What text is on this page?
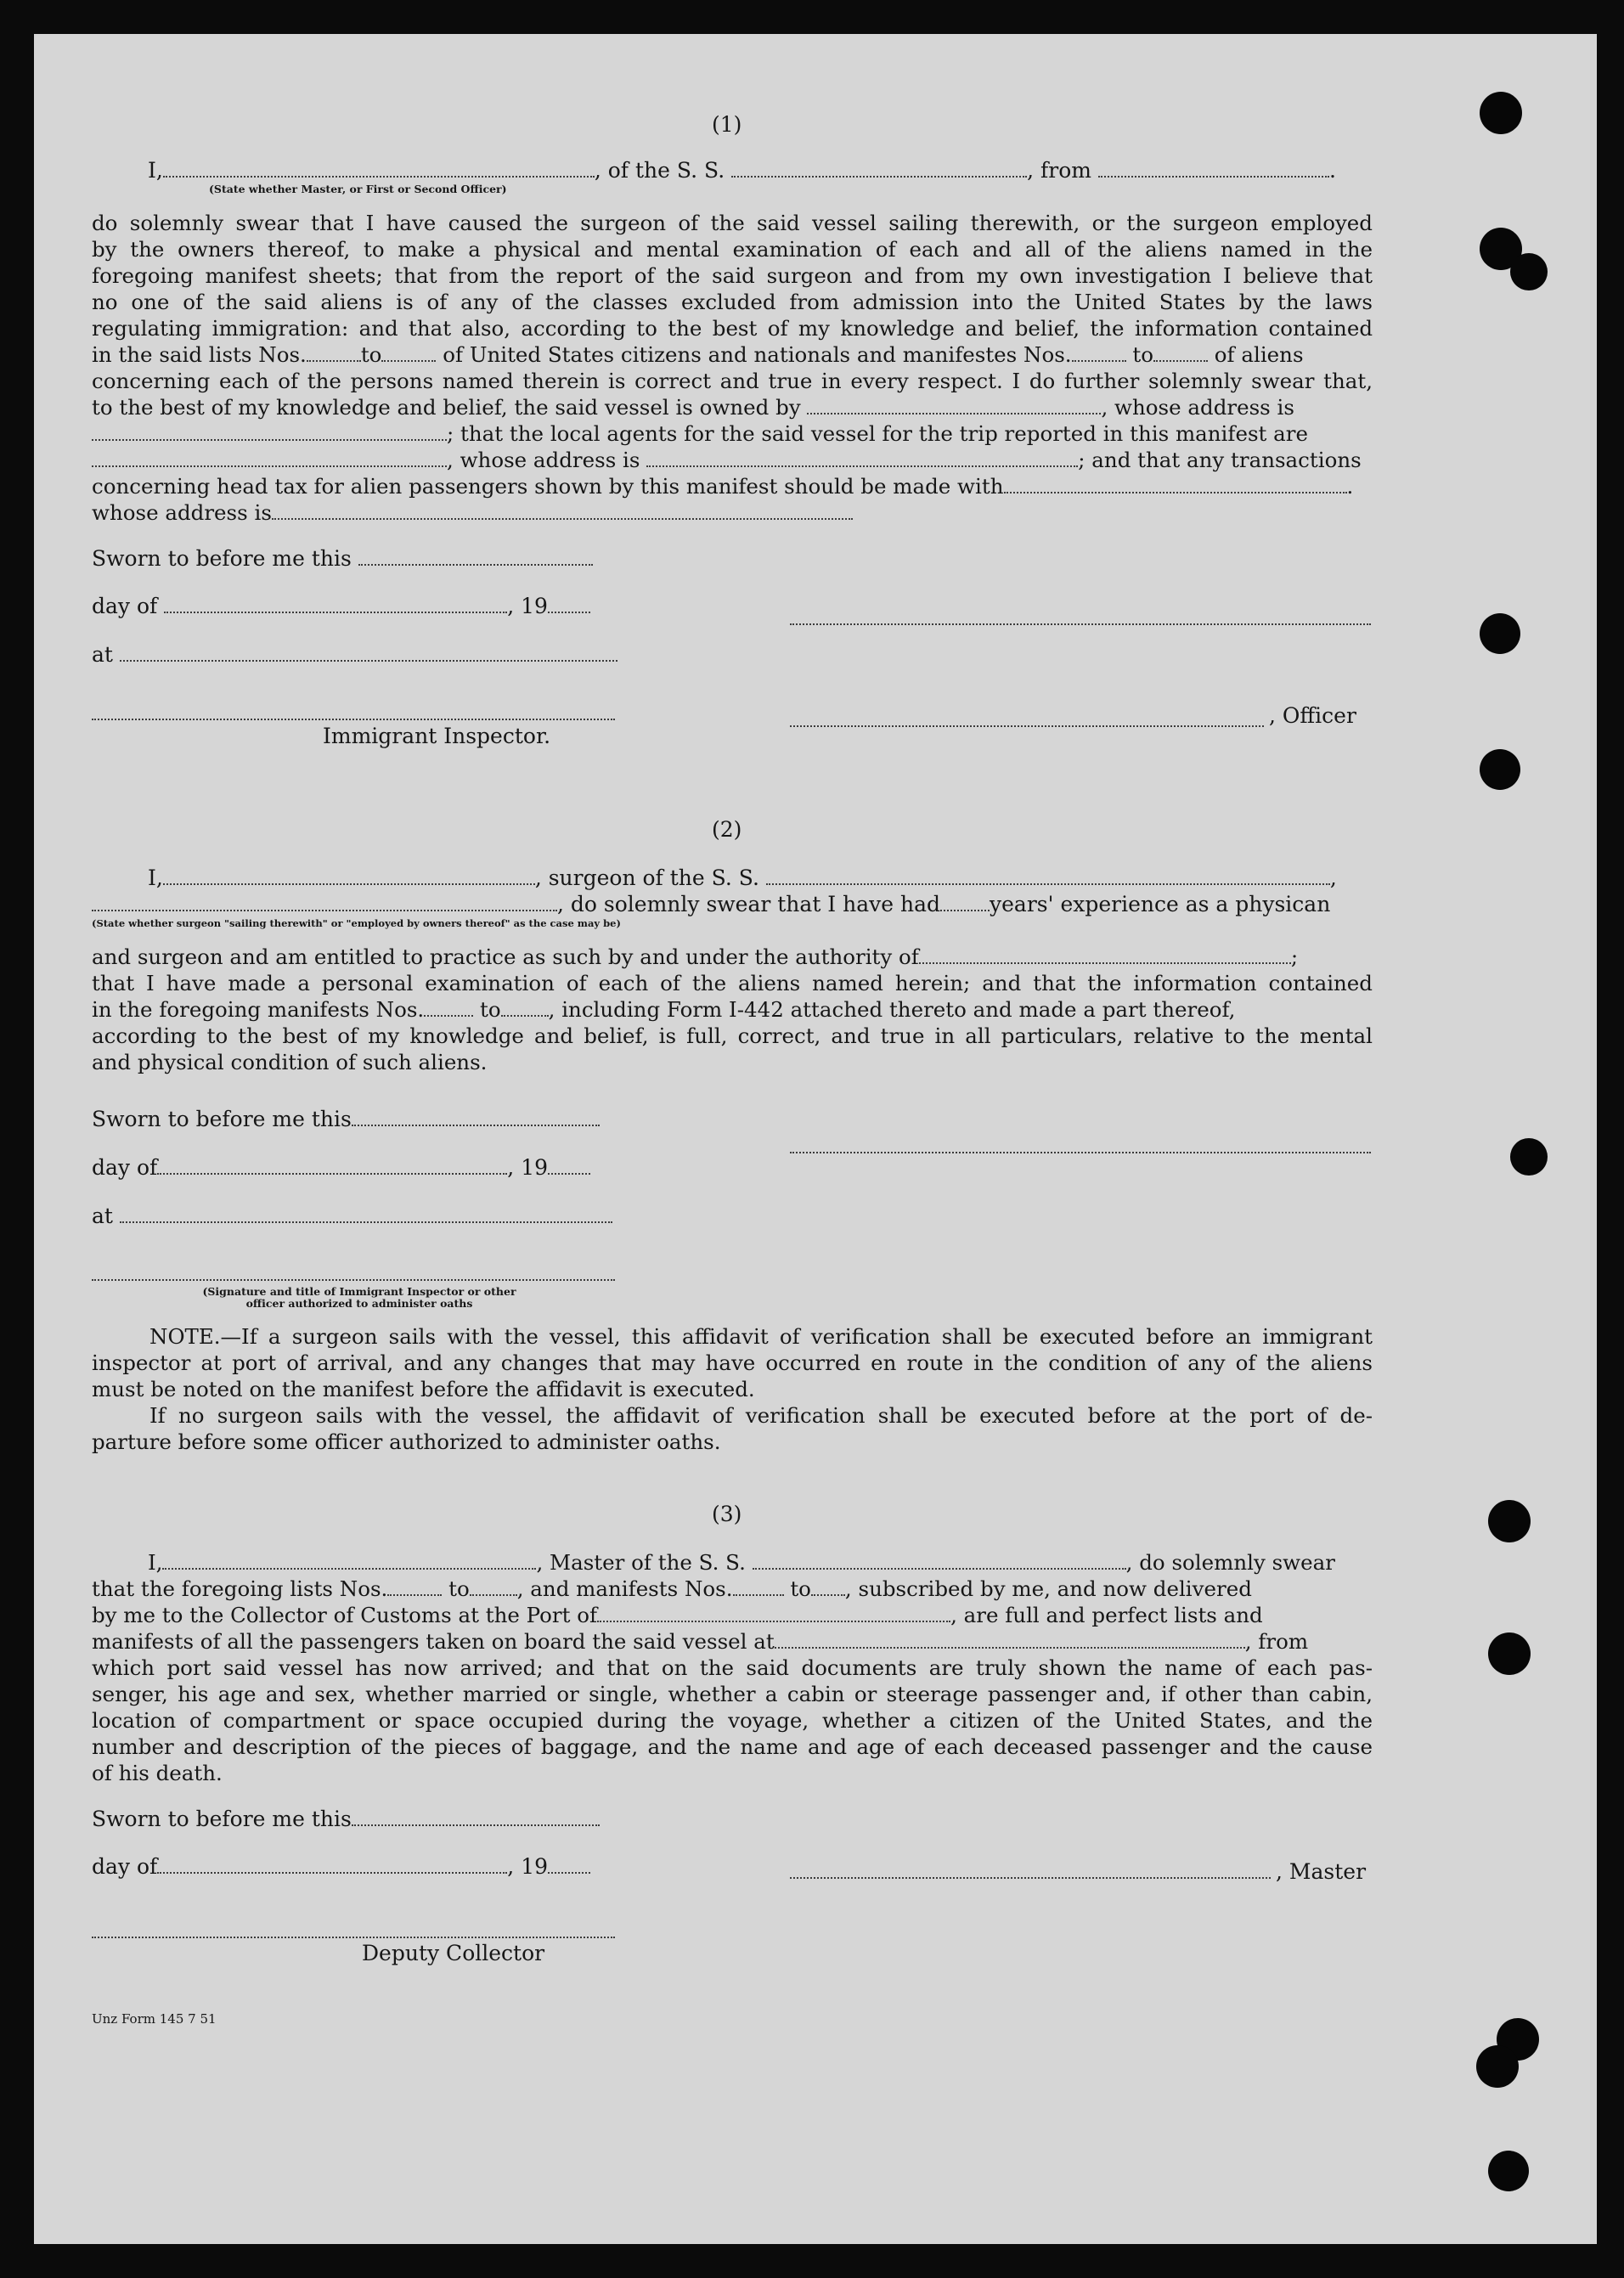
(1)
I,	, of the S. S.	, from	.
(State whether Master, or First or Second Officer)
do solemnly swear that I have caused the surgeon of the said vessel sailing therewith, or the surgeon employed
by the owners thereof, to make a physical and mental examination of each and all of the aliens named in the
foregoing manifest sheets; that from the report of the said surgeon and from my own investigation I believe that
no one of the said aliens is of any of the classes excluded from admission into the United States by the laws
regulating immigration: and that also, according to the best of my knowledge and belief, the information contained
in the said lists Nos.	to	of United States citizens and nationals and manifestes Nos.	to	of aliens
concerning each of the persons named therein is correct and true in every respect. I do further solemnly swear that,
to the best of my knowledge and belief, the said vessel is owned by	, whose address is
; that the local agents for the said vessel for the trip reported in this manifest are
, whose address is	; and that any transactions
concerning head tax for alien passengers shown by this manifest should be made with	.
whose address is
Sworn to before me this
day of	, 19
at
, Officer
Immigrant Inspector.
(2)
I,	, surgeon of the S. S.	,
, do solemnly swear that I have had years' experience as a physican
(State whether surgeon "sailing therewith" or "employed by owners thereof" as the case may be)
and surgeon and am entitled to practice as such by and under the authority of	;
that I have made a personal examination of each of the aliens named herein; and that the information contained
in the foregoing manifests Nos.	to , including Form I-442 attached thereto and made a part thereof,
according to the best of my knowledge and belief, is full, correct, and true in all particulars, relative to the mental
and physical condition of such aliens.
Sworn to before me this
day of	, 19
at
(Signature and title of Immigrant Inspector or other
officer authorized to administer oaths
NOTE.—If a surgeon sails with the vessel, this affidavit of verification shall be executed before an immigrant
inspector at port of arrival, and any changes that may have occurred en route in the condition of any of the aliens
must be noted on the manifest before the affidavit is executed.
If no surgeon sails with the vessel, the affidavit of verification shall be executed before at the port of de-
parture before some officer authorized to administer oaths.
(3)
I,	, Master of the S. S.	, do solemnly swear
that the foregoing lists Nos.	to , and manifests Nos.	to , subscribed by me, and now delivered
by me to the Collector of Customs at the Port of	, are full and perfect lists and
manifests of all the passengers taken on board the said vessel at	, from
which port said vessel has now arrived; and that on the said documents are truly shown the name of each pas-
senger, his age and sex, whether married or single, whether a cabin or steerage passenger and, if other than cabin,
location of compartment or space occupied during the voyage, whether a citizen of the United States, and the
number and description of the pieces of baggage, and the name and age of each deceased passenger and the cause
of his death.
Sworn to before me this
day of	, 19	, Master
Deputy Collector
Unz Form 145 7 51
